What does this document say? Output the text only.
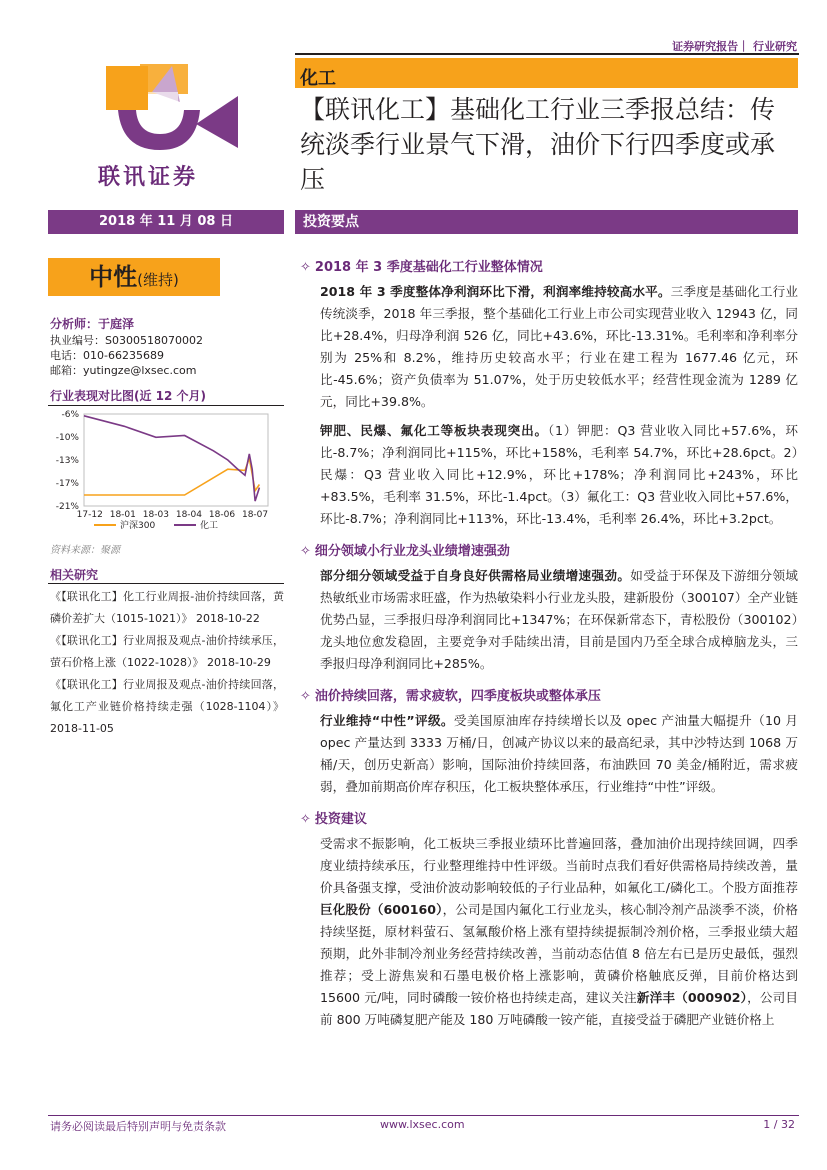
证券研究报告｜ 行业研究
联讯证券
化工
【联讯化工】基础化工行业三季报总结：传统淡季行业景气下滑，油价下行四季度或承压
2018 年 11 月 08 日	投资要点
中性(维持)
分析师：于庭泽
执业编号：S0300518070002
电话：010-66235689
邮箱：yutingze@lxsec.com
行业表现对比图(近 12 个月)
-6%
-10%
-13%
-17%
-21%
17-12 18-01 18-03 18-04 18-06 18-07
沪深300	化工
资料来源：聚源
相关研究
《【联讯化工】化工行业周报-油价持续回落，黄磷价差扩大（1015-1021）》 2018-10-22
《【联讯化工】行业周报及观点-油价持续承压，萤石价格上涨（1022-1028）》 2018-10-29
《【联讯化工】行业周报及观点-油价持续回落，氟化工产业链价格持续走强（1028-1104）》2018-11-05
✧ 2018 年 3 季度基础化工行业整体情况
2018 年 3 季度整体净利润环比下滑，利润率维持较高水平。三季度是基础化工行业传统淡季，2018 年三季报，整个基础化工行业上市公司实现营业收入 12943 亿，同比+28.4%，归母净利润 526 亿，同比+43.6%，环比-13.31%。毛利率和净利率分别为 25%和 8.2%，维持历史较高水平；行业在建工程为 1677.46 亿元，环比-45.6%；资产负债率为 51.07%，处于历史较低水平；经营性现金流为 1289 亿元，同比+39.8%。
钾肥、民爆、氟化工等板块表现突出。（1）钾肥：Q3 营业收入同比+57.6%，环比-8.7%；净利润同比+115%，环比+158%，毛利率 54.7%，环比+28.6pct。2）民爆：Q3 营业收入同比+12.9%，环比+178%；净利润同比+243%，环比+83.5%，毛利率 31.5%，环比-1.4pct。（3）氟化工：Q3 营业收入同比+57.6%，环比-8.7%；净利润同比+113%，环比-13.4%，毛利率 26.4%，环比+3.2pct。
✧ 细分领域小行业龙头业绩增速强劲
部分细分领域受益于自身良好供需格局业绩增速强劲。如受益于环保及下游细分领域热敏纸业市场需求旺盛，作为热敏染料小行业龙头股，建新股份（300107）全产业链优势凸显，三季报归母净利润同比+1347%；在环保新常态下，青松股份（300102）龙头地位愈发稳固，主要竞争对手陆续出清，目前是国内乃至全球合成樟脑龙头，三季报归母净利润同比+285%。
✧ 油价持续回落，需求疲软，四季度板块或整体承压
行业维持“中性”评级。受美国原油库存持续增长以及 opec 产油量大幅提升（10 月 opec 产量达到 3333 万桶/日，创减产协议以来的最高纪录，其中沙特达到 1068 万桶/天，创历史新高）影响，国际油价持续回落，布油跌回 70 美金/桶附近，需求疲弱，叠加前期高价库存积压，化工板块整体承压，行业维持“中性”评级。
✧ 投资建议
受需求不振影响，化工板块三季报业绩环比普遍回落，叠加油价出现持续回调，四季度业绩持续承压，行业整理维持中性评级。当前时点我们看好供需格局持续改善，量价具备强支撑，受油价波动影响较低的子行业品种，如氟化工/磷化工。个股方面推荐巨化股份（600160），公司是国内氟化工行业龙头，核心制冷剂产品淡季不淡，价格持续坚挺，原材料萤石、氢氟酸价格上涨有望持续提振制冷剂价格，三季报业绩大超预期，此外非制冷剂业务经营持续改善，当前动态估值 8 倍左右已是历史最低，强烈推荐；受上游焦炭和石墨电极价格上涨影响，黄磷价格触底反弹，目前价格达到 15600 元/吨，同时磷酸一铵价格也持续走高，建议关注新洋丰（000902），公司目前 800 万吨磷复肥产能及 180 万吨磷酸一铵产能，直接受益于磷肥产业链价格上
请务必阅读最后特别声明与免责条款	www.lxsec.com	1 / 32
